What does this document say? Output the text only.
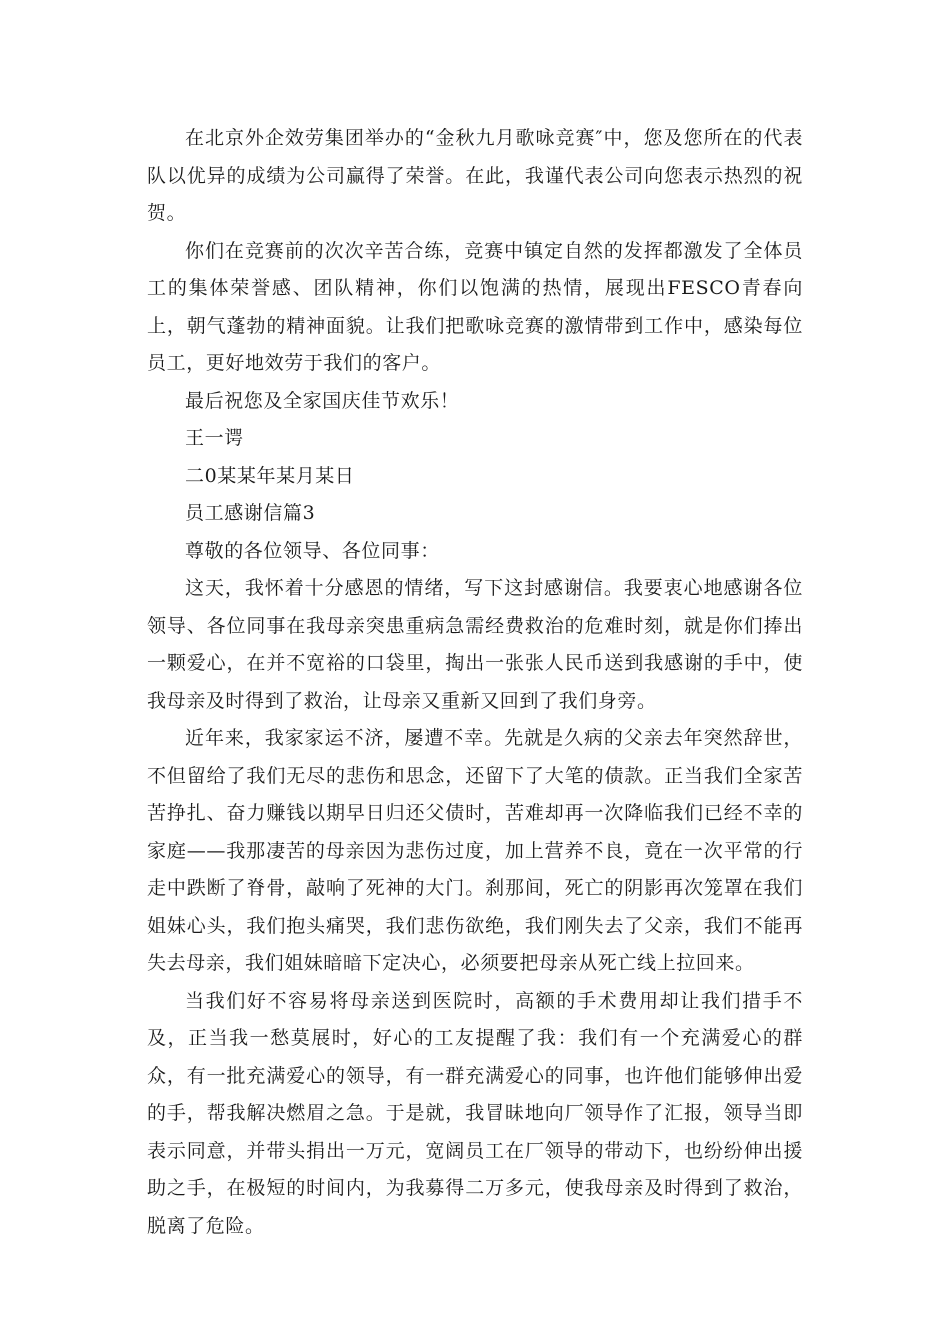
在北京外企效劳集团举办的“金秋九月歌咏竞赛″中，您及您所在的代表队以优异的成绩为公司赢得了荣誉。在此，我谨代表公司向您表示热烈的祝贺。

你们在竞赛前的次次辛苦合练，竞赛中镇定自然的发挥都激发了全体员工的集体荣誉感、团队精神，你们以饱满的热情，展现出FESCO青春向上，朝气蓬勃的精神面貌。让我们把歌咏竞赛的激情带到工作中，感染每位员工，更好地效劳于我们的客户。

最后祝您及全家国庆佳节欢乐！

王一谔

二0某某年某月某日

员工感谢信篇3

尊敬的各位领导、各位同事：

这天，我怀着十分感恩的情绪，写下这封感谢信。我要衷心地感谢各位领导、各位同事在我母亲突患重病急需经费救治的危难时刻，就是你们捧出一颗爱心，在并不宽裕的口袋里，掏出一张张人民币送到我感谢的手中，使我母亲及时得到了救治，让母亲又重新又回到了我们身旁。

近年来，我家家运不济，屡遭不幸。先就是久病的父亲去年突然辞世，不但留给了我们无尽的悲伤和思念，还留下了大笔的债款。正当我们全家苦苦挣扎、奋力赚钱以期早日归还父债时，苦难却再一次降临我们已经不幸的家庭——我那凄苦的母亲因为悲伤过度，加上营养不良，竟在一次平常的行走中跌断了脊骨，敲响了死神的大门。刹那间，死亡的阴影再次笼罩在我们姐妹心头，我们抱头痛哭，我们悲伤欲绝，我们刚失去了父亲，我们不能再失去母亲，我们姐妹暗暗下定决心，必须要把母亲从死亡线上拉回来。

当我们好不容易将母亲送到医院时，高额的手术费用却让我们措手不及，正当我一愁莫展时，好心的工友提醒了我：我们有一个充满爱心的群众，有一批充满爱心的领导，有一群充满爱心的同事，也许他们能够伸出爱的手，帮我解决燃眉之急。于是就，我冒昧地向厂领导作了汇报，领导当即表示同意，并带头捐出一万元，宽阔员工在厂领导的带动下，也纷纷伸出援助之手，在极短的时间内，为我募得二万多元，使我母亲及时得到了救治，脱离了危险。
